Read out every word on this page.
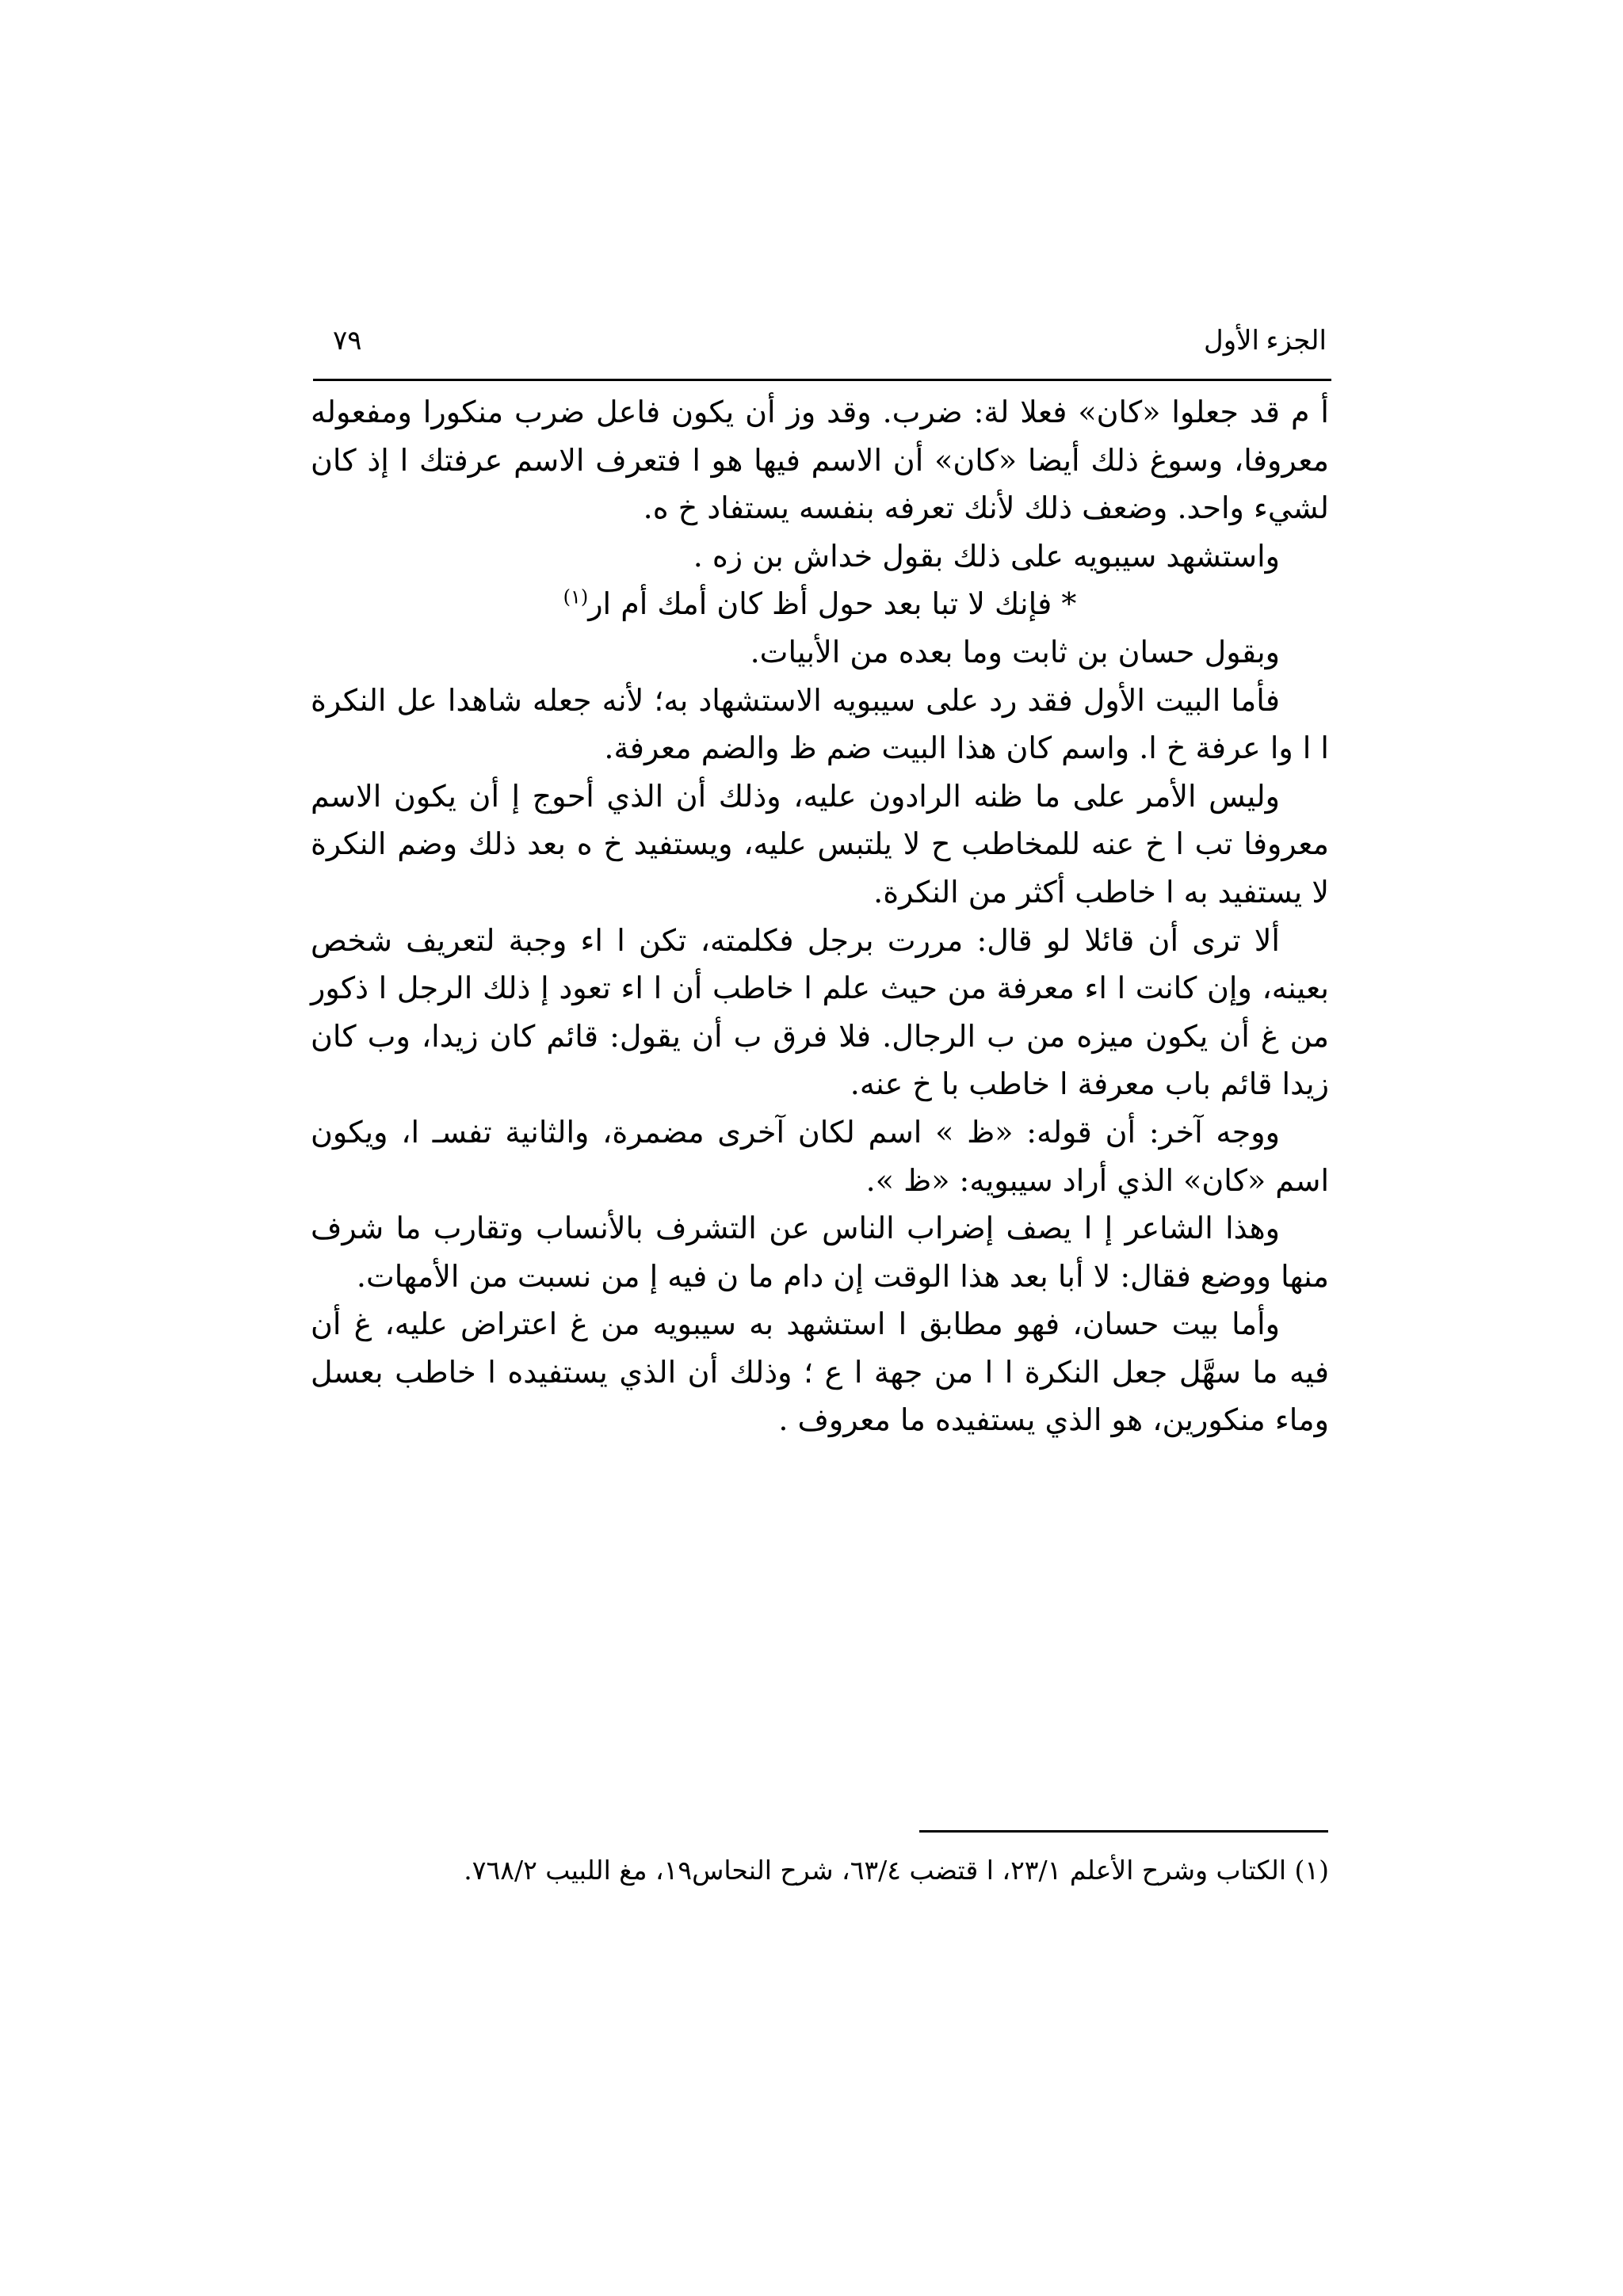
الجزء الأول
٧٩

أ م قد جعلوا «كان» فعلا لة: ضرب. وقد وز أن يكون فاعل ضرب منكورا ومفعوله معروفا، وسوغ ذلك أيضا «كان» أن الاسم فيها هو ا فتعرف الاسم عرفتك ا إذ كان لشيء واحد. وضعف ذلك لأنك تعرفه بنفسه يستفاد خ ه.

واستشهد سيبويه على ذلك بقول خداش بن زه .

* فإنك لا تبا بعد حول أظ كان أمك أم ار$^{(١)}$

وبقول حسان بن ثابت وما بعده من الأبيات.

فأما البيت الأول فقد رد على سيبويه الاستشهاد به؛ لأنه جعله شاهدا عل النكرة ا ا وا عرفة خ ا. واسم كان هذا البيت ضم ظ والضم معرفة.

وليس الأمر على ما ظنه الرادون عليه، وذلك أن الذي أحوج إ أن يكون الاسم معروفا تب ا خ عنه للمخاطب ح لا يلتبس عليه، ويستفيد خ ه بعد ذلك وضم النكرة لا يستفيد به ا خاطب أكثر من النكرة.

ألا ترى أن قائلا لو قال: مررت برجل فكلمته، تكن ا اء وجبة لتعريف شخص بعينه، وإن كانت ا اء معرفة من حيث علم ا خاطب أن ا اء تعود إ ذلك الرجل ا ذكور من غ أن يكون ميزه من ب الرجال. فلا فرق ب أن يقول: قائم كان زيدا، وب كان زيدا قائم باب معرفة ا خاطب با خ عنه.

ووجه آخر: أن قوله: «ظ » اسم لكان آخرى مضمرة، والثانية تفسـ ا، ويكون اسم «كان» الذي أراد سيبويه: «ظ ».

وهذا الشاعر إ ا يصف إضراب الناس عن التشرف بالأنساب وتقارب ما شرف منها ووضع فقال: لا أبا بعد هذا الوقت إن دام ما ن فيه إ من نسبت من الأمهات.

وأما بيت حسان، فهو مطابق ا استشهد به سيبويه من غ اعتراض عليه، غ أن فيه ما سهَّل جعل النكرة ا ا من جهة ا ع ؛ وذلك أن الذي يستفيده ا خاطب بعسل وماء منكورين، هو الذي يستفيده ما معروف .

(١) الكتاب وشرح الأعلم ٢٣/١، ا قتضب ٦٣/٤، شرح النحاس١٩، مغ اللبيب ٧٦٨/٢.
